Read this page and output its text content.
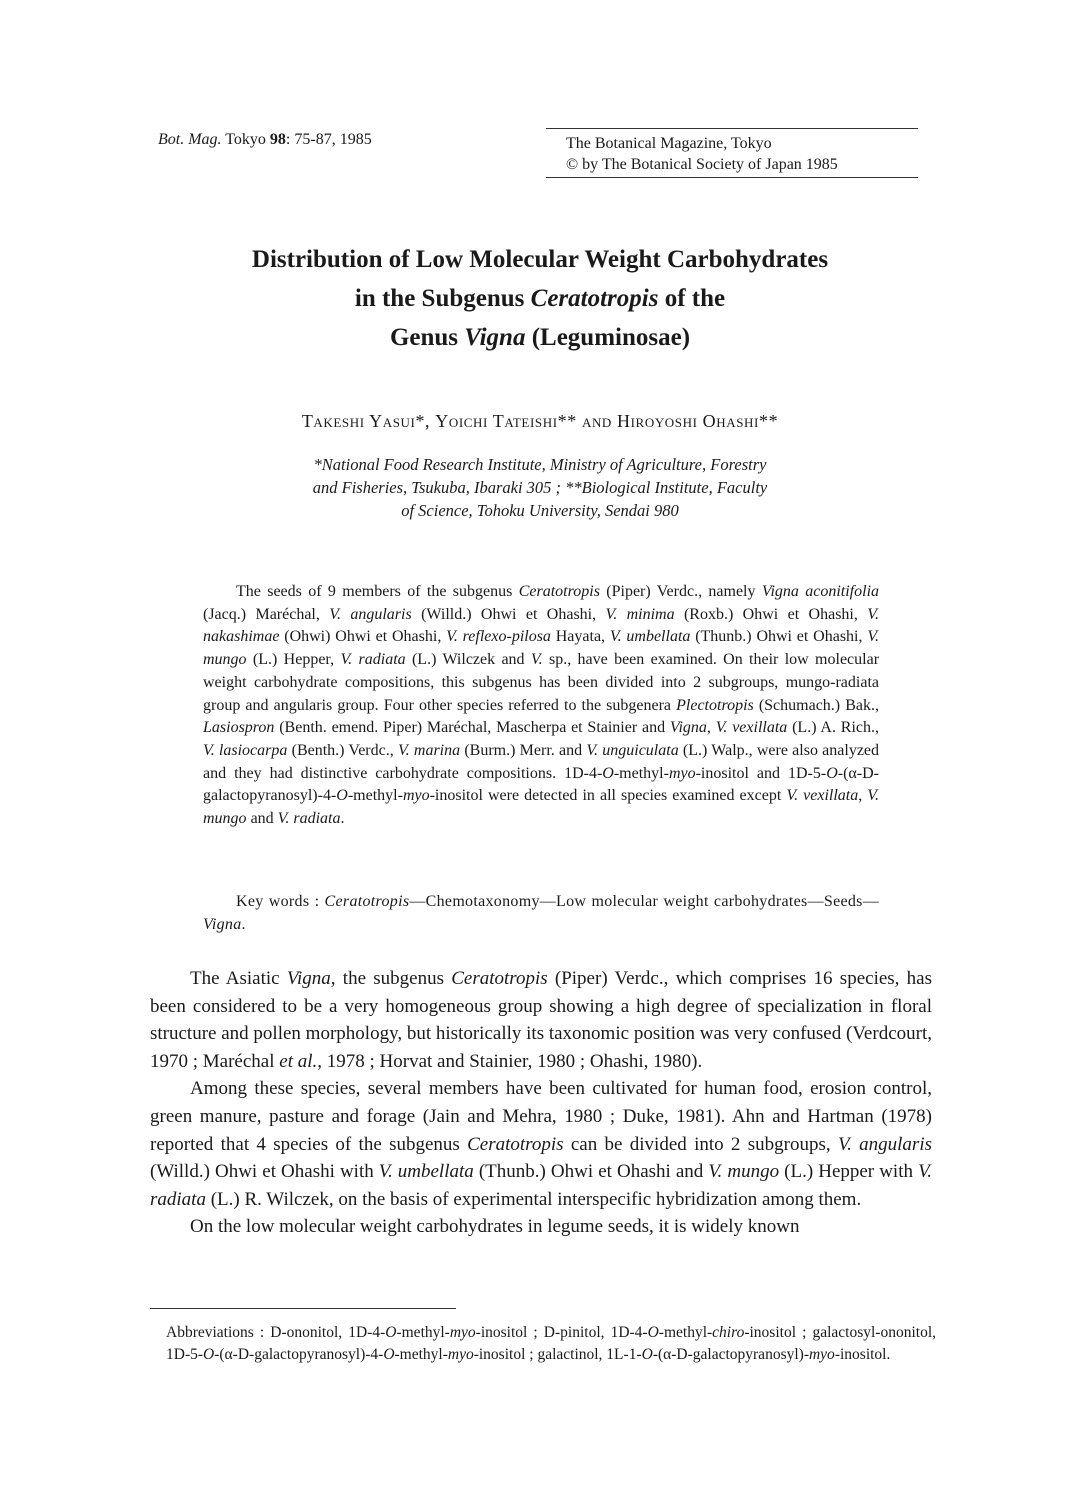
Bot. Mag. Tokyo 98: 75-87, 1985	The Botanical Magazine, Tokyo
© by The Botanical Society of Japan 1985
Distribution of Low Molecular Weight Carbohydrates
in the Subgenus Ceratotropis of the
Genus Vigna (Leguminosae)
Takeshi Yasui*, Yoichi Tateishi** and Hiroyoshi Ohashi**
*National Food Research Institute, Ministry of Agriculture, Forestry
and Fisheries, Tsukuba, Ibaraki 305 ; **Biological Institute, Faculty
of Science, Tohoku University, Sendai 980

The seeds of 9 members of the subgenus Ceratotropis (Piper) Verdc., namely Vigna aconitifolia (Jacq.) Maréchal, V. angularis (Willd.) Ohwi et Ohashi, V. minima (Roxb.) Ohwi et Ohashi, V. nakashimae (Ohwi) Ohwi et Ohashi, V. reflexo-pilosa Hayata, V. umbellata (Thunb.) Ohwi et Ohashi, V. mungo (L.) Hepper, V. radiata (L.) Wilczek and V. sp., have been examined. On their low molecular weight carbohydrate compositions, this subgenus has been divided into 2 subgroups, mungo-radiata group and angularis group. Four other species referred to the subgenera Plectotropis (Schumach.) Bak., Lasiospron (Benth. emend. Piper) Maréchal, Mascherpa et Stainier and Vigna, V. vexillata (L.) A. Rich., V. lasiocarpa (Benth.) Verdc., V. marina (Burm.) Merr. and V. unguiculata (L.) Walp., were also analyzed and they had distinctive carbohydrate compositions. 1D-4-O-methyl-myo-inositol and 1D-5-O-(α-D-galactopyranosyl)-4-O-methyl-myo-inositol were detected in all species examined except V. vexillata, V. mungo and V. radiata.

Key words : Ceratotropis—Chemotaxonomy—Low molecular weight carbohydrates—Seeds— Vigna.

The Asiatic Vigna, the subgenus Ceratotropis (Piper) Verdc., which comprises 16 species, has been considered to be a very homogeneous group showing a high degree of specialization in floral structure and pollen morphology, but historically its taxonomic position was very confused (Verdcourt, 1970 ; Maréchal et al., 1978 ; Horvat and Stainier, 1980 ; Ohashi, 1980).

Among these species, several members have been cultivated for human food, erosion control, green manure, pasture and forage (Jain and Mehra, 1980 ; Duke, 1981). Ahn and Hartman (1978) reported that 4 species of the subgenus Ceratotropis can be divided into 2 subgroups, V. angularis (Willd.) Ohwi et Ohashi with V. umbellata (Thunb.) Ohwi et Ohashi and V. mungo (L.) Hepper with V. radiata (L.) R. Wilczek, on the basis of experimental interspecific hybridization among them.

On the low molecular weight carbohydrates in legume seeds, it is widely known

Abbreviations : D-ononitol, 1D-4-O-methyl-myo-inositol ; D-pinitol, 1D-4-O-methyl-chiro-inositol ; galactosyl-ononitol, 1D-5-O-(α-D-galactopyranosyl)-4-O-methyl-myo-inositol ; galactinol, 1L-1-O-(α-D-galactopyranosyl)-myo-inositol.
